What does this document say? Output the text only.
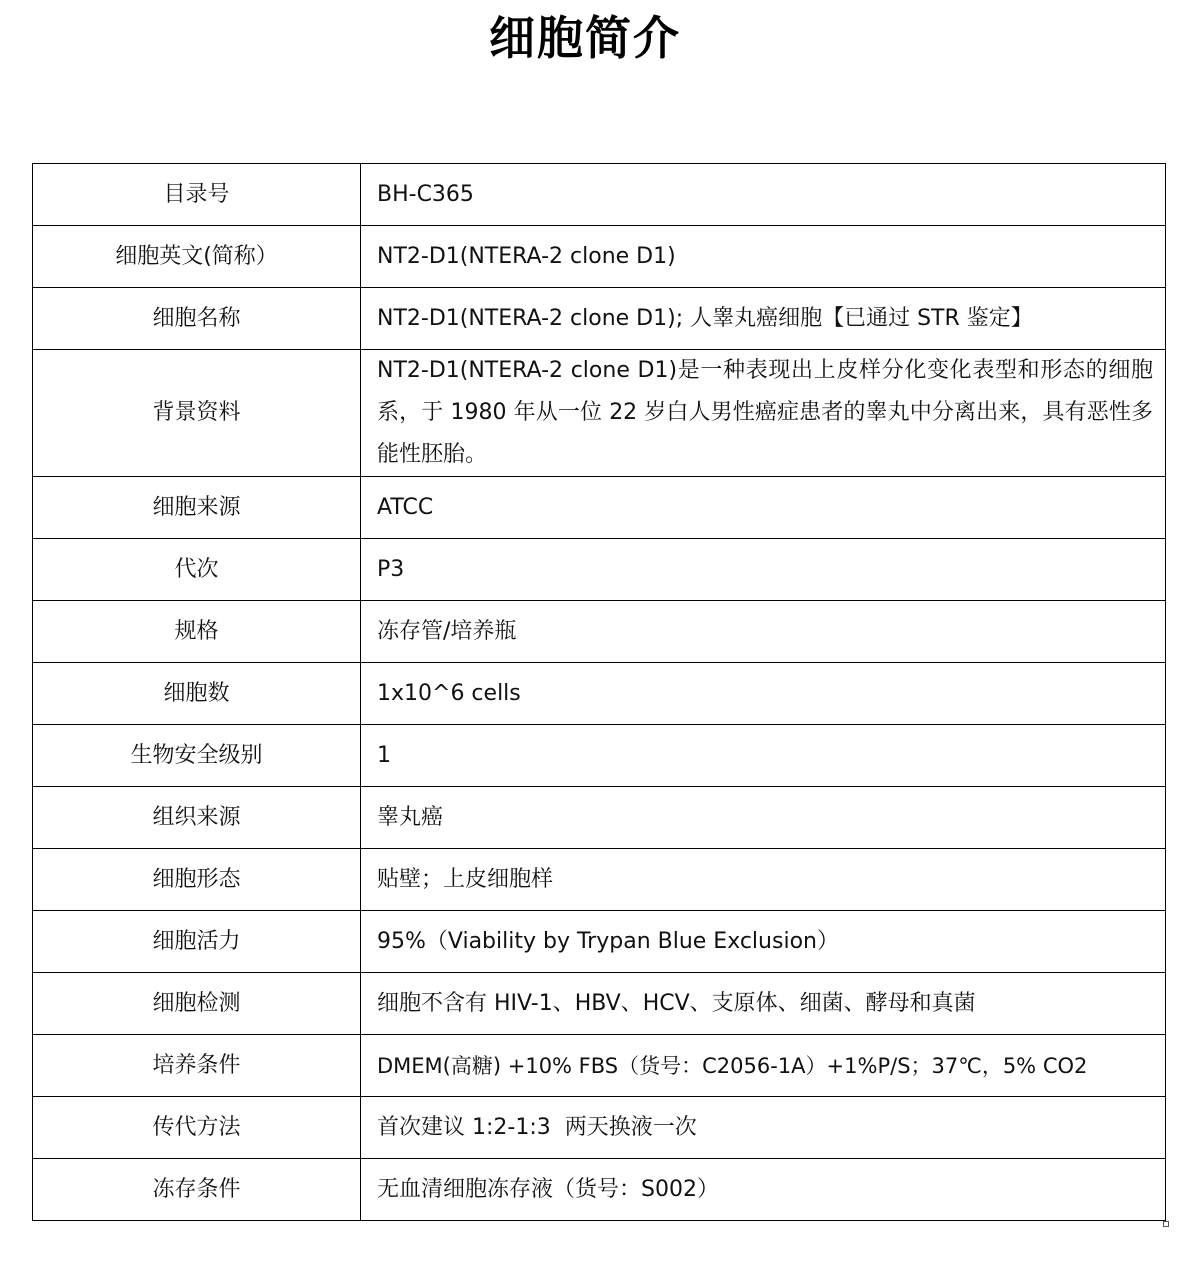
细胞简介
目录号	BH-C365
细胞英文(简称）	NT2-D1(NTERA-2 clone D1)
细胞名称	NT2-D1(NTERA-2 clone D1); 人睾丸癌细胞【已通过 STR 鉴定】
背景资料	NT2-D1(NTERA-2 clone D1)是一种表现出上皮样分化变化表型和形态的细胞系，于 1980 年从一位 22 岁白人男性癌症患者的睾丸中分离出来，具有恶性多能性胚胎。
细胞来源	ATCC
代次	P3
规格	冻存管/培养瓶
细胞数	1x10^6 cells
生物安全级别	1
组织来源	睾丸癌
细胞形态	贴壁；上皮细胞样
细胞活力	95%（Viability by Trypan Blue Exclusion）
细胞检测	细胞不含有 HIV-1、HBV、HCV、支原体、细菌、酵母和真菌
培养条件	DMEM(高糖) +10% FBS（货号：C2056-1A）+1%P/S；37℃，5% CO2
传代方法	首次建议 1:2-1:3  两天换液一次
冻存条件	无血清细胞冻存液（货号：S002）
